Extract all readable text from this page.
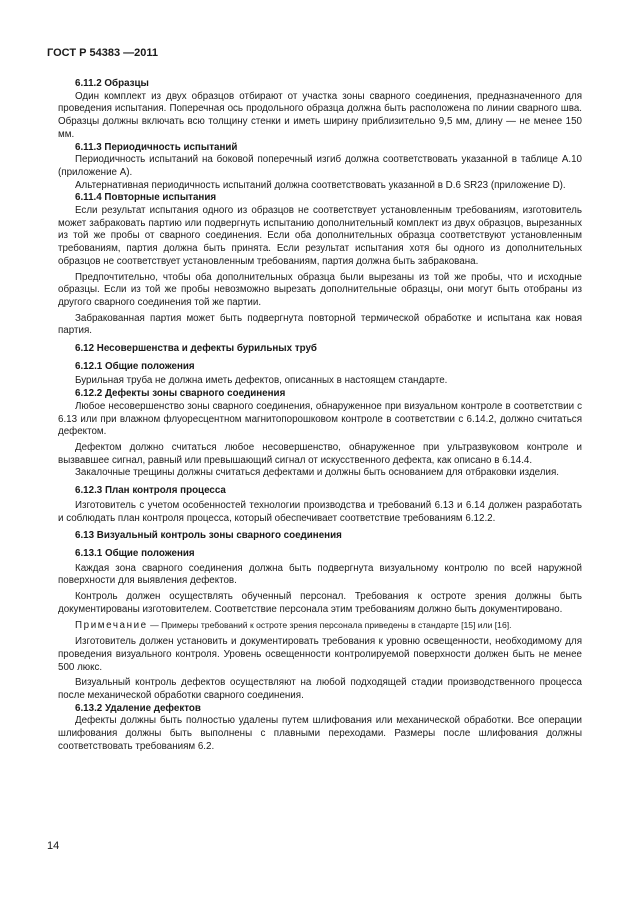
ГОСТ Р 54383 —2011
6.11.2 Образцы

Один комплект из двух образцов отбирают от участка зоны сварного соединения, предназначенного для проведения испытания. Поперечная ось продольного образца должна быть расположена по линии сварного шва. Образцы должны включать всю толщину стенки и иметь ширину приблизительно 9,5 мм, длину — не менее 150 мм.

6.11.3 Периодичность испытаний

Периодичность испытаний на боковой поперечный изгиб должна соответствовать указанной в таблице А.10 (приложение А).

Альтернативная периодичность испытаний должна соответствовать указанной в D.6 SR23 (приложение D).

6.11.4 Повторные испытания

Если результат испытания одного из образцов не соответствует установленным требованиям, изготовитель может забраковать партию или подвергнуть испытанию дополнительный комплект из двух образцов, вырезанных из той же пробы от сварного соединения. Если оба дополнительных образца соответствуют установленным требованиям, партия должна быть принята. Если результат испытания хотя бы одного из дополнительных образцов не соответствует установленным требованиям, партия должна быть забракована.

Предпочтительно, чтобы оба дополнительных образца были вырезаны из той же пробы, что и исходные образцы. Если из той же пробы невозможно вырезать дополнительные образцы, они могут быть отобраны из другого сварного соединения той же партии.

Забракованная партия может быть подвергнута повторной термической обработке и испытана как новая партия.

6.12 Несовершенства и дефекты бурильных труб
6.12.1 Общие положения

Бурильная труба не должна иметь дефектов, описанных в настоящем стандарте.

6.12.2 Дефекты зоны сварного соединения

Любое несовершенство зоны сварного соединения, обнаруженное при визуальном контроле в соответствии с 6.13 или при влажном флуоресцентном магнитопорошковом контроле в соответствии с 6.14.2, должно считаться дефектом.

Дефектом должно считаться любое несовершенство, обнаруженное при ультразвуковом контроле и вызвавшее сигнал, равный или превышающий сигнал от искусственного дефекта, как описано в 6.14.4.

Закалочные трещины должны считаться дефектами и должны быть основанием для отбраковки изделия.

6.12.3 План контроля процесса

Изготовитель с учетом особенностей технологии производства и требований 6.13 и 6.14 должен разработать и соблюдать план контроля процесса, который обеспечивает соответствие требованиям 6.12.2.

6.13 Визуальный контроль зоны сварного соединения
6.13.1 Общие положения

Каждая зона сварного соединения должна быть подвергнута визуальному контролю по всей наружной поверхности для выявления дефектов.

Контроль должен осуществлять обученный персонал. Требования к остроте зрения должны быть документированы изготовителем. Соответствие персонала этим требованиям должно быть документировано.

Примечание — Примеры требований к остроте зрения персонала приведены в стандарте [15] или [16].

Изготовитель должен установить и документировать требования к уровню освещенности, необходимому для проведения визуального контроля. Уровень освещенности контролируемой поверхности должен быть не менее 500 люкс.

Визуальный контроль дефектов осуществляют на любой подходящей стадии производственного процесса после механической обработки сварного соединения.

6.13.2 Удаление дефектов

Дефекты должны быть полностью удалены путем шлифования или механической обработки. Все операции шлифования должны быть выполнены с плавными переходами. Размеры после шлифования должны соответствовать требованиям 6.2.

14
